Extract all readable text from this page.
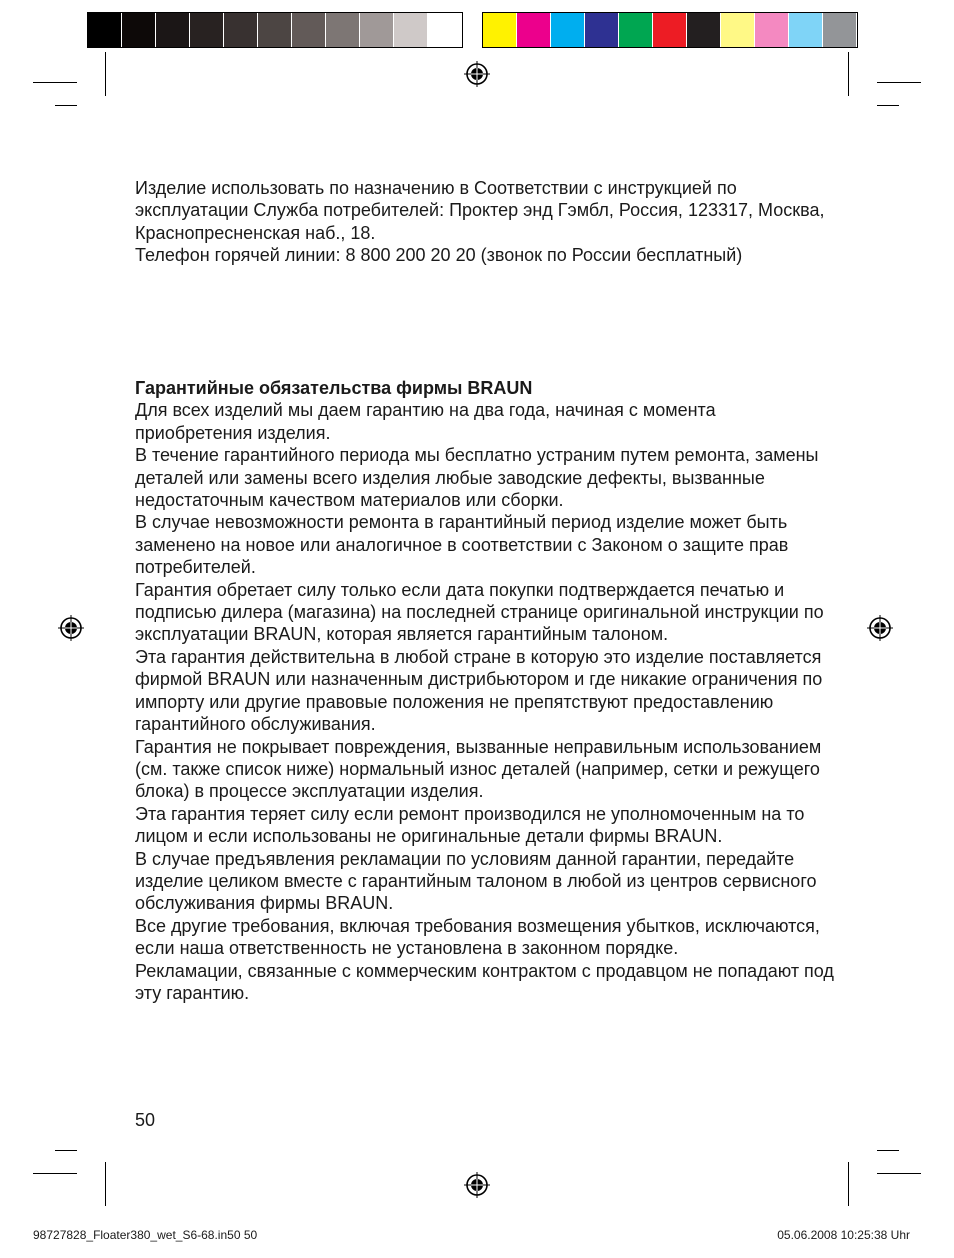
Изделие использовать по назначению в Соответствии с инструкцией по эксплуатации Служба потребителей: Проктер энд Гэмбл, Россия, 123317, Москва, Краснопресненская наб., 18.

Телефон горячей линии: 8 800 200 20 20 (звонок по России бесплатный)

Гарантийные обязательства фирмы BRAUN

Для всех изделий мы даем гарантию на два года, начиная с момента приобретения изделия.

В течение гарантийного периода мы бесплатно устраним путем ремонта, замены деталей или замены всего изделия любые заводские дефекты, вызванные недостаточным качеством материалов или сборки.

В случае невозможности ремонта в гарантийный период изделие может быть заменено на новое или аналогичное в соответствии с Законом о защите прав потребителей.

Гарантия обретает силу только если дата покупки подтверждается печатью и подписью дилера (магазина) на последней странице оригинальной инструкции по эксплуатации BRAUN, которая является гарантийным талоном.

Эта гарантия действительна в любой стране в которую это изделие поставляется фирмой BRAUN или назначенным дистрибьютором и где никакие ограничения по импорту или другие правовые положения не препятствуют предоставлению гарантийного обслуживания.

Гарантия не покрывает повреждения, вызванные неправильным использованием (см. также список ниже) нормальный износ деталей (например, сетки и режущего блока) в процессе эксплуатации изделия.

Эта гарантия теряет силу если ремонт производился не уполномоченным на то лицом и если использованы не оригинальные детали фирмы BRAUN.

В случае предъявления рекламации по условиям данной гарантии, передайте изделие целиком вместе с гарантийным талоном в любой из центров сервисного обслуживания фирмы BRAUN.

Все другие требования, включая требования возмещения убытков, исключаются, если наша ответственность не установлена в законном порядке.

Рекламации, связанные с коммерческим контрактом с продавцом не попадают под эту гарантию.

50
98727828_Floater380_wet_S6-68.in50 50	05.06.2008 10:25:38 Uhr
